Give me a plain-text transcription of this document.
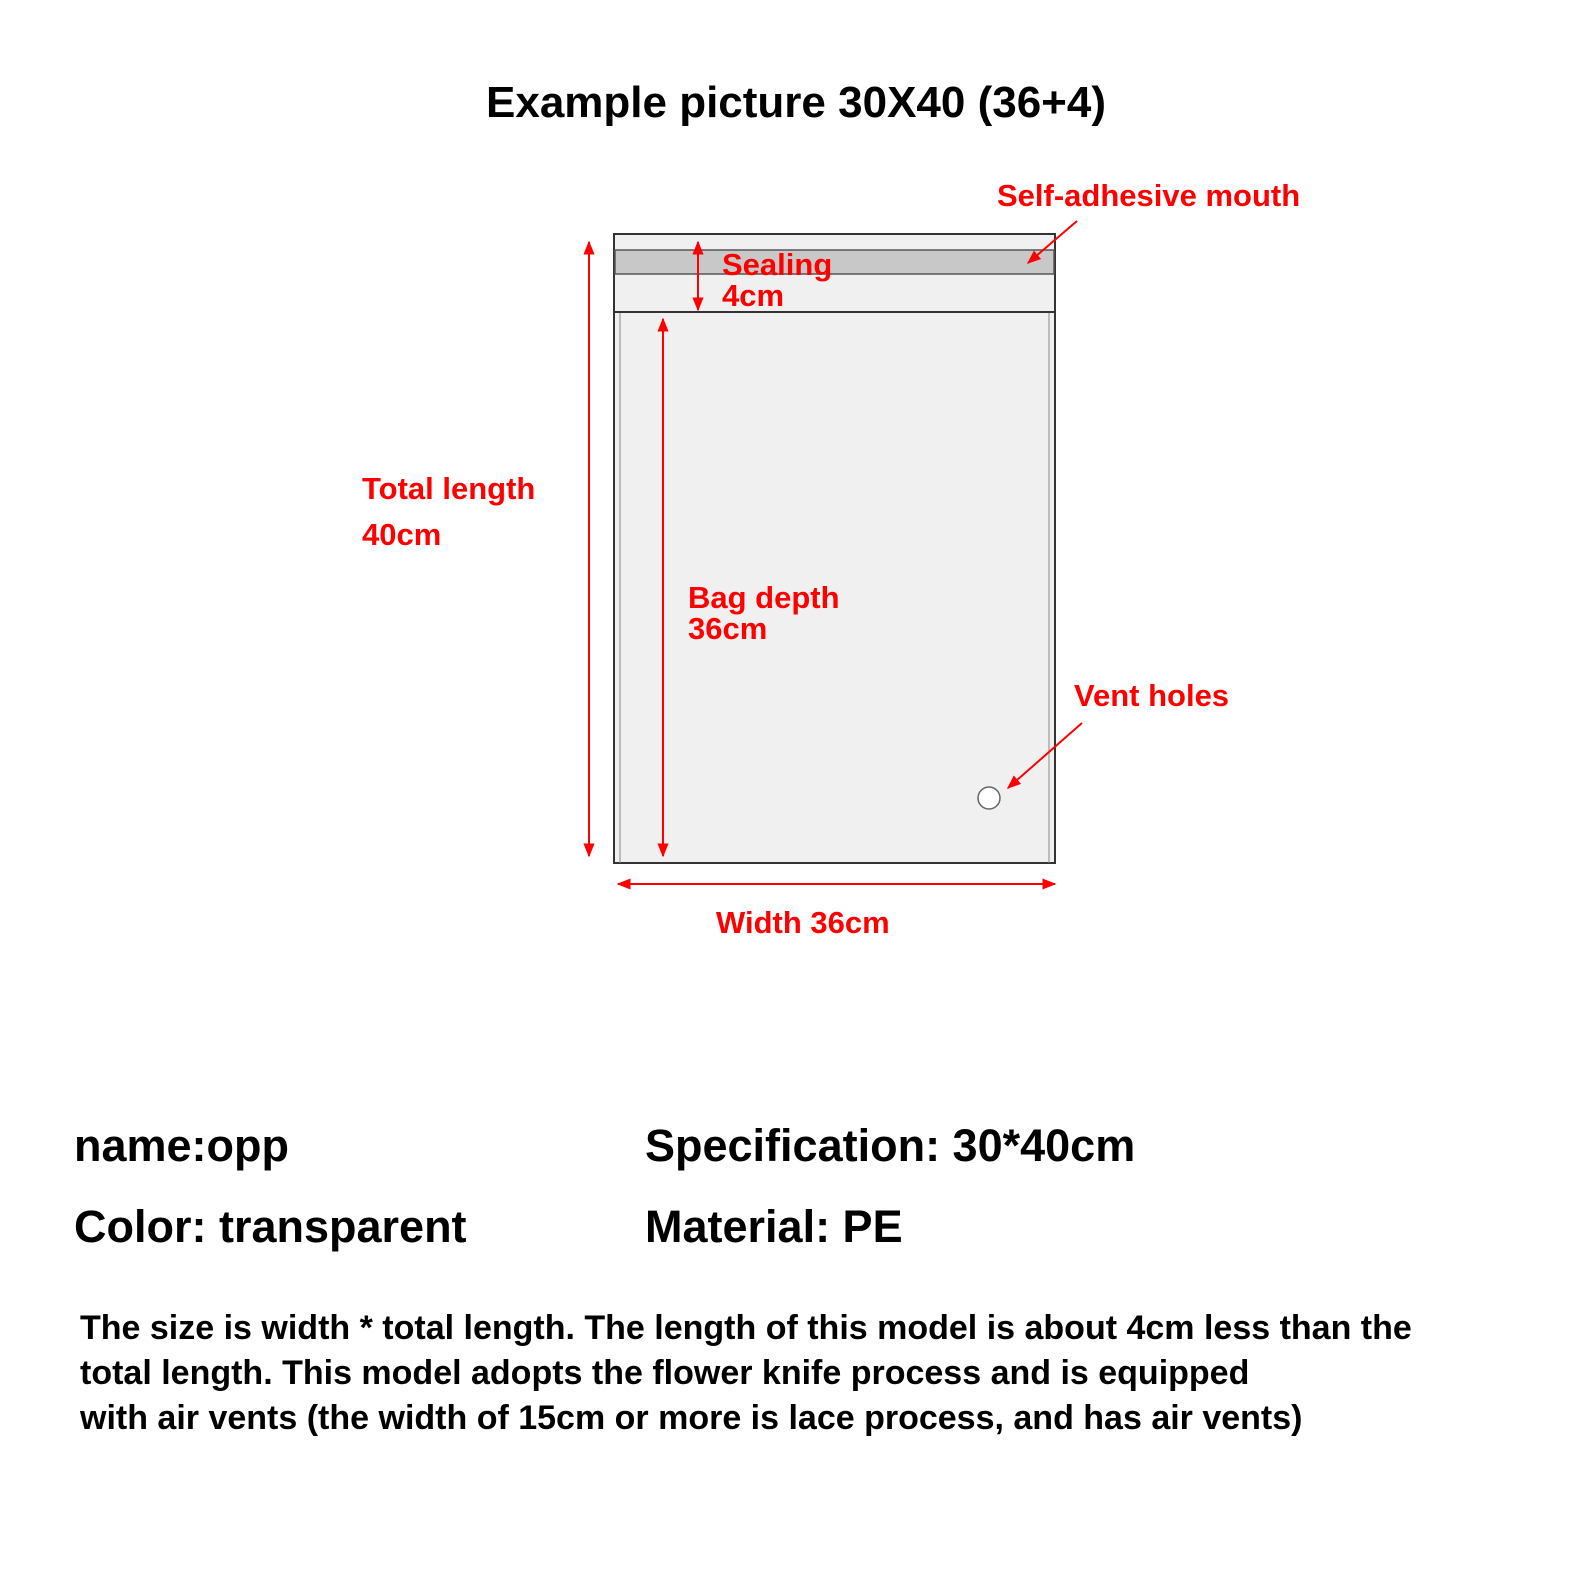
Example picture 30X40 (36+4)
Self-adhesive mouth
Sealing
4cm
Total length
40cm
Bag depth
36cm
Vent holes
Width 36cm
name:opp
Color: transparent
Specification: 30*40cm
Material: PE
The size is width * total length. The length of this model is about 4cm less than the
total length. This model adopts the flower knife process and is equipped
with air vents (the width of 15cm or more is lace process, and has air vents)
